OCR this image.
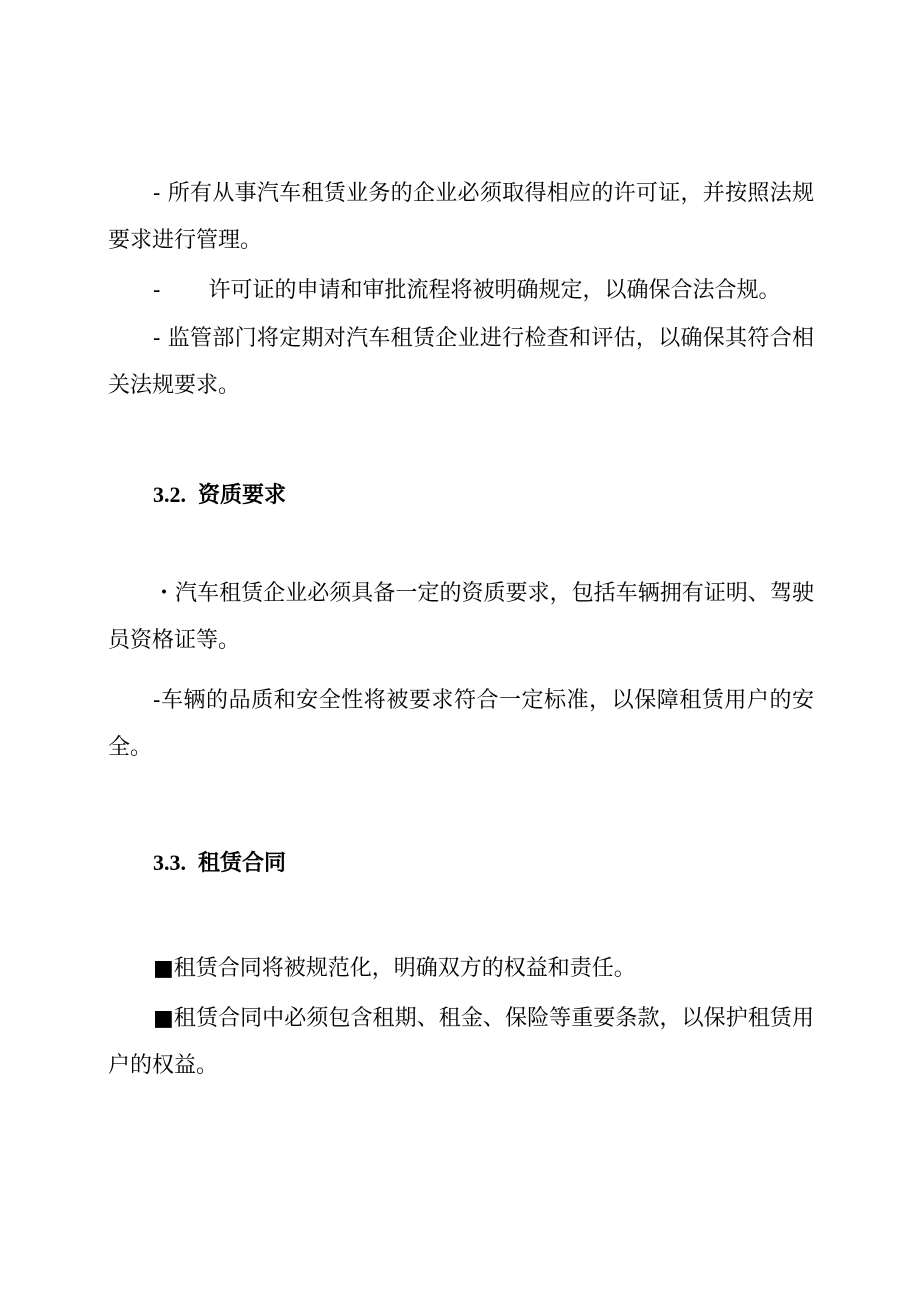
- 所有从事汽车租赁业务的企业必须取得相应的许可证，并按照法规要求进行管理。

- 许可证的申请和审批流程将被明确规定，以确保合法合规。

- 监管部门将定期对汽车租赁企业进行检查和评估，以确保其符合相关法规要求。

3.2. 资质要求

・汽车租赁企业必须具备一定的资质要求，包括车辆拥有证明、驾驶员资格证等。

-车辆的品质和安全性将被要求符合一定标准，以保障租赁用户的安全。

3.3. 租赁合同

■租赁合同将被规范化，明确双方的权益和责任。

■租赁合同中必须包含租期、租金、保险等重要条款，以保护租赁用户的权益。
